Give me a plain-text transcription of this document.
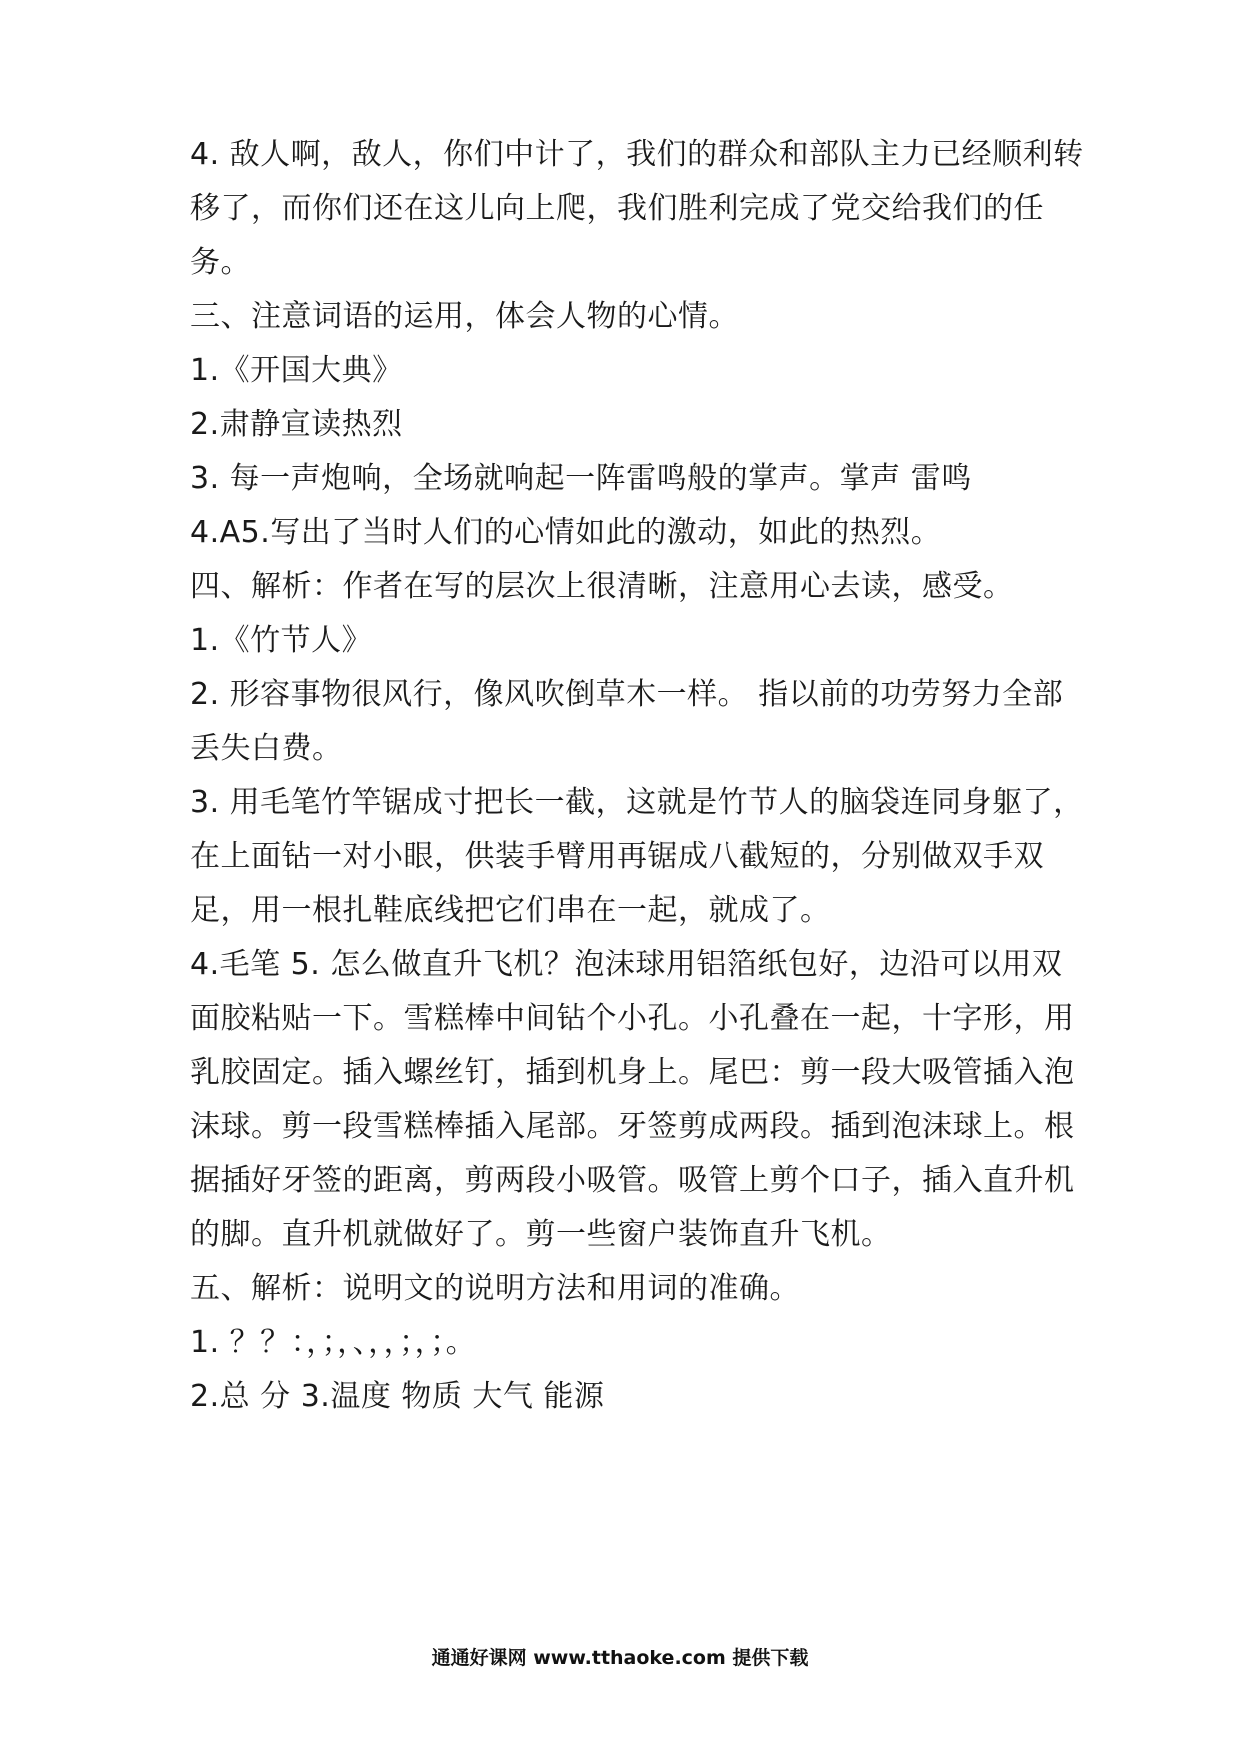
4. 敌人啊，敌人，你们中计了，我们的群众和部队主力已经顺利转
移了，而你们还在这儿向上爬，我们胜利完成了党交给我们的任
务。
三、注意词语的运用，体会人物的心情。
1.《开国大典》
2.肃静宣读热烈
3. 每一声炮响，全场就响起一阵雷鸣般的掌声。掌声 雷鸣
4.A5.写出了当时人们的心情如此的激动，如此的热烈。
四、解析：作者在写的层次上很清晰，注意用心去读，感受。
1.《竹节人》
2. 形容事物很风行，像风吹倒草木一样。 指以前的功劳努力全部
丢失白费。
3. 用毛笔竹竿锯成寸把长一截，这就是竹节人的脑袋连同身躯了，
在上面钻一对小眼，供装手臂用再锯成八截短的，分别做双手双
足，用一根扎鞋底线把它们串在一起，就成了。
4.毛笔 5. 怎么做直升飞机？泡沫球用铝箔纸包好，边沿可以用双
面胶粘贴一下。雪糕棒中间钻个小孔。小孔叠在一起，十字形，用
乳胶固定。插入螺丝钉，插到机身上。尾巴：剪一段大吸管插入泡
沫球。剪一段雪糕棒插入尾部。牙签剪成两段。插到泡沫球上。根
据插好牙签的距离，剪两段小吸管。吸管上剪个口子，插入直升机
的脚。直升机就做好了。剪一些窗户装饰直升飞机。
五、解析：说明文的说明方法和用词的准确。
1. ？？：，；，、，，；，；。
2.总 分 3.温度 物质 大气 能源
通通好课网 www.tthaoke.com 提供下载
